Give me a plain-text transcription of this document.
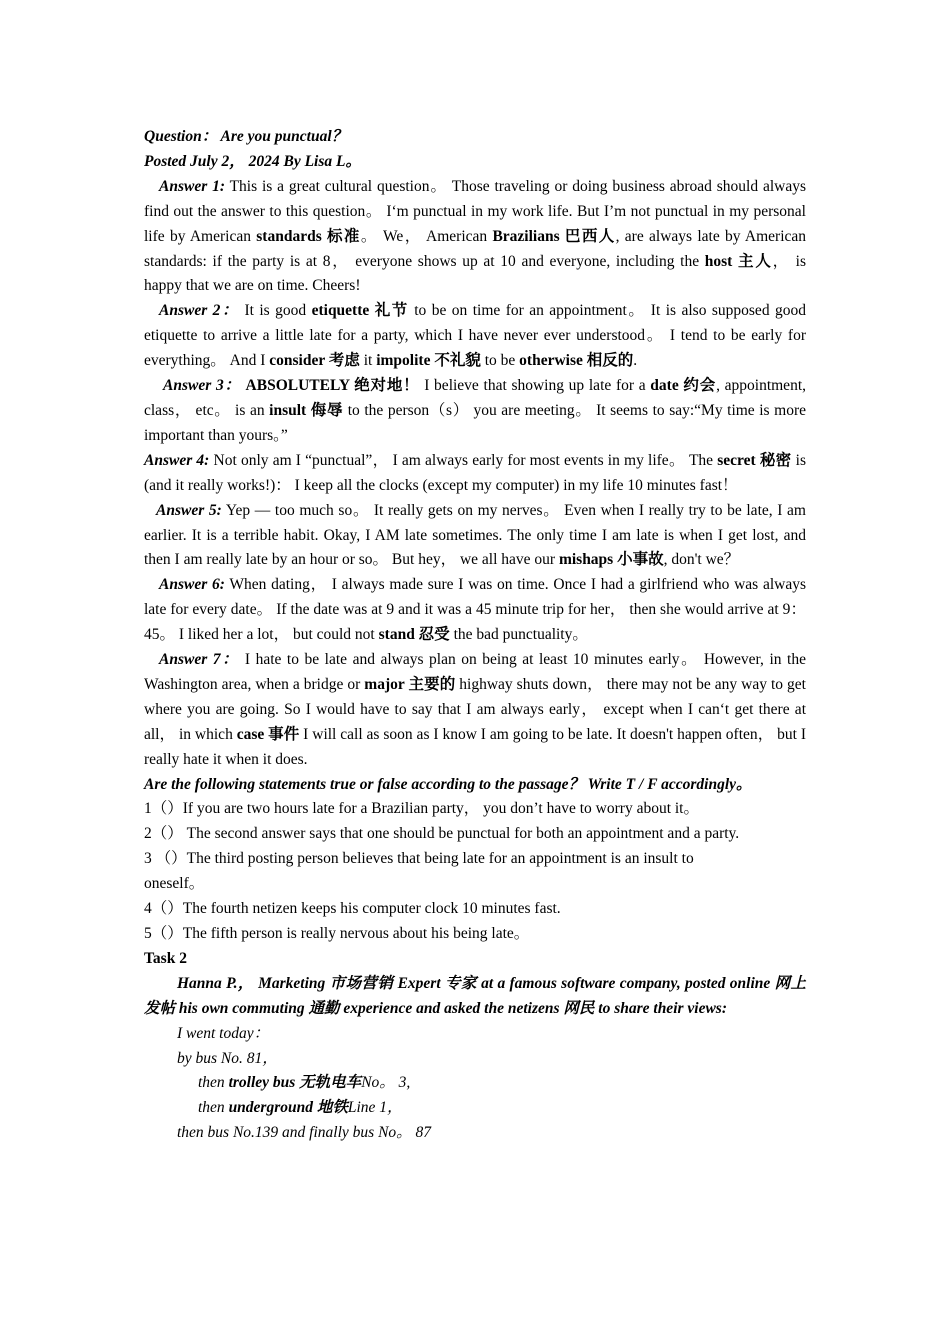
Question： Are you punctual？

Posted July 2， 2024 By Lisa L。

Answer 1: This is a great cultural question。 Those traveling or doing business abroad should always find out the answer to this question。 I‘m punctual in my work life. But I’m not punctual in my personal life by American standards 标准。 We， American Brazilians 巴西人, are always late by American standards: if the party is at 8， everyone shows up at 10 and everyone, including the host 主人， is happy that we are on time. Cheers!

Answer 2： It is good etiquette 礼节 to be on time for an appointment。 It is also supposed good etiquette to arrive a little late for a party, which I have never ever understood。 I tend to be early for everything。 And I consider 考虑 it impolite 不礼貌 to be otherwise 相反的.

Answer 3： ABSOLUTELY 绝对地！ I believe that showing up late for a date 约会, appointment, class， etc。 is an insult 侮辱 to the person（s） you are meeting。 It seems to say:“My time is more important than yours。”

Answer 4: Not only am I “punctual”， I am always early for most events in my life。 The secret 秘密 is (and it really works!)： I keep all the clocks (except my computer) in my life 10 minutes fast！

Answer 5: Yep — too much so。 It really gets on my nerves。 Even when I really try to be late, I am earlier. It is a terrible habit. Okay, I AM late sometimes. The only time I am late is when I get lost, and then I am really late by an hour or so。 But hey， we all have our mishaps 小事故, don't we？

Answer 6: When dating， I always made sure I was on time. Once I had a girlfriend who was always late for every date。 If the date was at 9 and it was a 45 minute trip for her， then she would arrive at 9：45。 I liked her a lot， but could not stand 忍受 the bad punctuality。

Answer 7： I hate to be late and always plan on being at least 10 minutes early。 However, in the Washington area, when a bridge or major 主要的 highway shuts down， there may not be any way to get where you are going. So I would have to say that I am always early， except when I can‘t get there at all， in which case 事件 I will call as soon as I know I am going to be late. It doesn't happen often， but I really hate it when it does.

Are the following statements true or false according to the passage？ Write T / F accordingly。

1（）If you are two hours late for a Brazilian party， you don’t have to worry about it。

2（） The second answer says that one should be punctual for both an appointment and a party.

3 （）The third posting person believes that being late for an appointment is an insult to

oneself。

4（）The fourth netizen keeps his computer clock 10 minutes fast.

5（）The fifth person is really nervous about his being late。

Task 2

Hanna P.， Marketing 市场营销 Expert 专家 at a famous software company, posted online 网上发帖 his own commuting 通勤 experience and asked the netizens 网民 to share their views:

I went today：

by bus No. 81，

then trolley bus 无轨电车No。 3,

then underground 地铁Line 1，

then bus No.139 and finally bus No。 87
